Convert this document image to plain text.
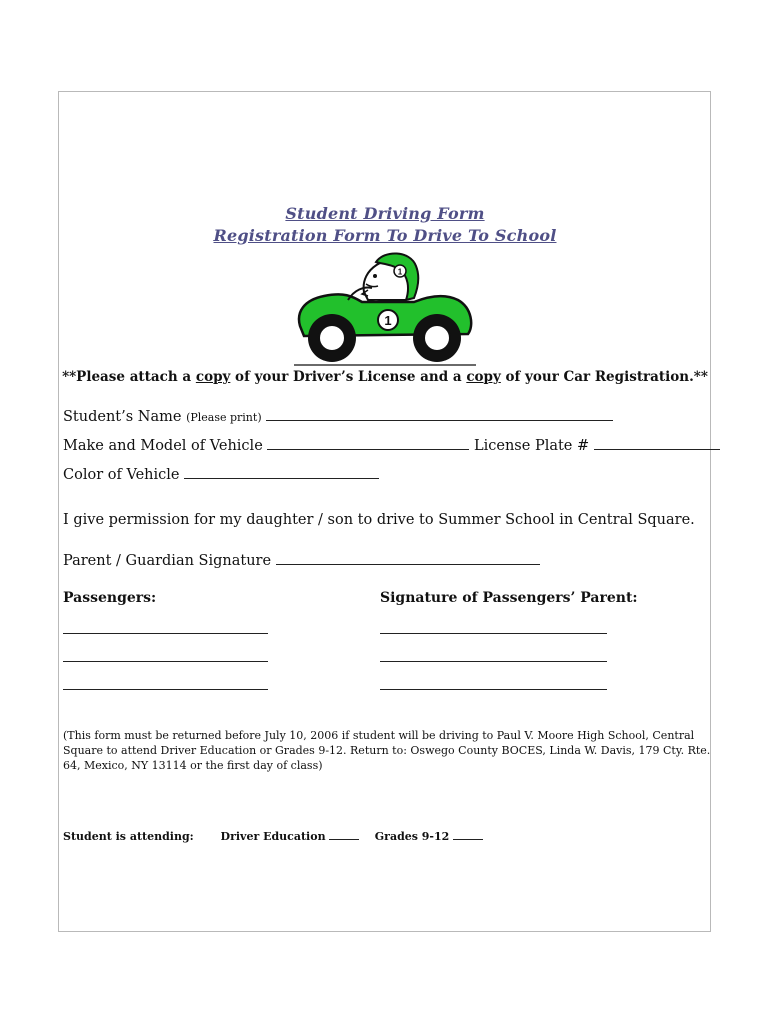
Student Driving Form
Registration Form To Drive To School
1
1
**Please attach a copy of your Driver’s License and a copy of your Car Registration.**
Student’s Name (Please print)
Make and Model of Vehicle	License Plate #
Color of Vehicle
I give permission for my daughter / son to drive to Summer School in Central Square.
Parent / Guardian Signature
Passengers:	Signature of Passengers’ Parent:
(This form must be returned before July 10, 2006 if student will be driving to Paul V. Moore High School, Central Square to attend Driver Education or Grades 9-12. Return to: Oswego County BOCES, Linda W. Davis, 179 Cty. Rte. 64, Mexico, NY 13114 or the first day of class)
Student is attending: Driver Education	Grades 9-12
